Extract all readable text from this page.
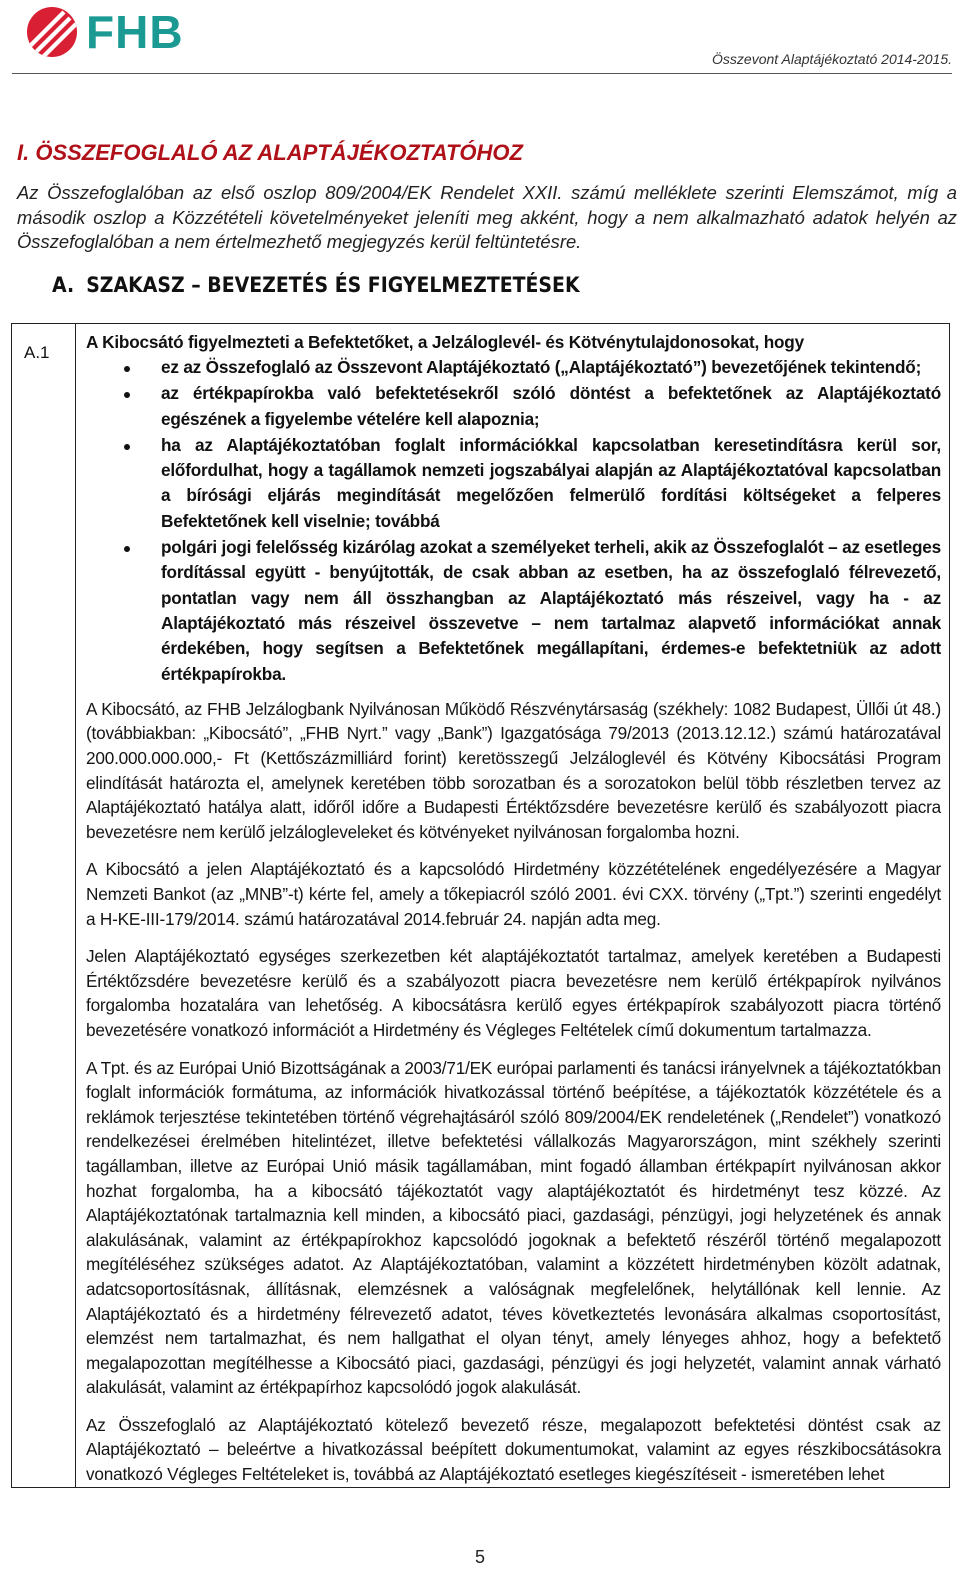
FHB
Összevont Alaptájékoztató 2014-2015.
I. ÖSSZEFOGLALÓ AZ ALAPTÁJÉKOZTATÓHOZ
Az Összefoglalóban az első oszlop 809/2004/EK Rendelet XXII. számú melléklete szerinti Elemszámot, míg a második oszlop a Közzétételi követelményeket jeleníti meg akként, hogy a nem alkalmazható adatok helyén az Összefoglalóban a nem értelmezhető megjegyzés kerül feltüntetésre.
A. SZAKASZ – BEVEZETÉS ÉS FIGYELMEZTETÉSEK
A.1
A Kibocsátó figyelmezteti a Befektetőket, a Jelzáloglevél- és Kötvénytulajdonosokat, hogy
ez az Összefoglaló az Összevont Alaptájékoztató („Alaptájékoztató”) bevezetőjének tekintendő;
az értékpapírokba való befektetésekről szóló döntést a befektetőnek az Alaptájékoztató egészének a figyelembe vételére kell alapoznia;
ha az Alaptájékoztatóban foglalt információkkal kapcsolatban keresetindításra kerül sor, előfordulhat, hogy a tagállamok nemzeti jogszabályai alapján az Alaptájékoztatóval kapcsolatban a bírósági eljárás megindítását megelőzően felmerülő fordítási költségeket a felperes Befektetőnek kell viselnie; továbbá
polgári jogi felelősség kizárólag azokat a személyeket terheli, akik az Összefoglalót – az esetleges fordítással együtt - benyújtották, de csak abban az esetben, ha az összefoglaló félrevezető, pontatlan vagy nem áll összhangban az Alaptájékoztató más részeivel, vagy ha - az Alaptájékoztató más részeivel összevetve – nem tartalmaz alapvető információkat annak érdekében, hogy segítsen a Befektetőnek megállapítani, érdemes-e befektetniük az adott értékpapírokba.

A Kibocsátó, az FHB Jelzálogbank Nyilvánosan Működő Részvénytársaság (székhely: 1082 Budapest, Üllői út 48.) (továbbiakban: „Kibocsátó”, „FHB Nyrt.” vagy „Bank”) Igazgatósága 79/2013 (2013.12.12.) számú határozatával 200.000.000.000,- Ft (Kettőszázmilliárd forint) keretösszegű Jelzáloglevél és Kötvény Kibocsátási Program elindítását határozta el, amelynek keretében több sorozatban és a sorozatokon belül több részletben tervez az Alaptájékoztató hatálya alatt, időről időre a Budapesti Értéktőzsdére bevezetésre kerülő és szabályozott piacra bevezetésre nem kerülő jelzálogleveleket és kötvényeket nyilvánosan forgalomba hozni.

A Kibocsátó a jelen Alaptájékoztató és a kapcsolódó Hirdetmény közzétételének engedélyezésére a Magyar Nemzeti Bankot (az „MNB”-t) kérte fel, amely a tőkepiacról szóló 2001. évi CXX. törvény („Tpt.”) szerinti engedélyt a H-KE-III-179/2014. számú határozatával 2014.február 24. napján adta meg.

Jelen Alaptájékoztató egységes szerkezetben két alaptájékoztatót tartalmaz, amelyek keretében a Budapesti Értéktőzsdére bevezetésre kerülő és a szabályozott piacra bevezetésre nem kerülő értékpapírok nyilvános forgalomba hozatalára van lehetőség. A kibocsátásra kerülő egyes értékpapírok szabályozott piacra történő bevezetésére vonatkozó információt a Hirdetmény és Végleges Feltételek című dokumentum tartalmazza.

A Tpt. és az Európai Unió Bizottságának a 2003/71/EK európai parlamenti és tanácsi irányelvnek a tájékoztatókban foglalt információk formátuma, az információk hivatkozással történő beépítése, a tájékoztatók közzététele és a reklámok terjesztése tekintetében történő végrehajtásáról szóló 809/2004/EK rendeletének („Rendelet”) vonatkozó rendelkezései érelmében hitelintézet, illetve befektetési vállalkozás Magyarországon, mint székhely szerinti tagállamban, illetve az Európai Unió másik tagállamában, mint fogadó államban értékpapírt nyilvánosan akkor hozhat forgalomba, ha a kibocsátó tájékoztatót vagy alaptájékoztatót és hirdetményt tesz közzé. Az Alaptájékoztatónak tartalmaznia kell minden, a kibocsátó piaci, gazdasági, pénzügyi, jogi helyzetének és annak alakulásának, valamint az értékpapírokhoz kapcsolódó jogoknak a befektető részéről történő megalapozott megítéléséhez szükséges adatot. Az Alaptájékoztatóban, valamint a közzétett hirdetményben közölt adatnak, adatcsoportosításnak, állításnak, elemzésnek a valóságnak megfelelőnek, helytállónak kell lennie. Az Alaptájékoztató és a hirdetmény félrevezető adatot, téves következtetés levonására alkalmas csoportosítást, elemzést nem tartalmazhat, és nem hallgathat el olyan tényt, amely lényeges ahhoz, hogy a befektető megalapozottan megítélhesse a Kibocsátó piaci, gazdasági, pénzügyi és jogi helyzetét, valamint annak várható alakulását, valamint az értékpapírhoz kapcsolódó jogok alakulását.

Az Összefoglaló az Alaptájékoztató kötelező bevezető része, megalapozott befektetési döntést csak az Alaptájékoztató – beleértve a hivatkozással beépített dokumentumokat, valamint az egyes részkibocsátásokra vonatkozó Végleges Feltételeket is, továbbá az Alaptájékoztató esetleges kiegészítéseit - ismeretében lehet

5
